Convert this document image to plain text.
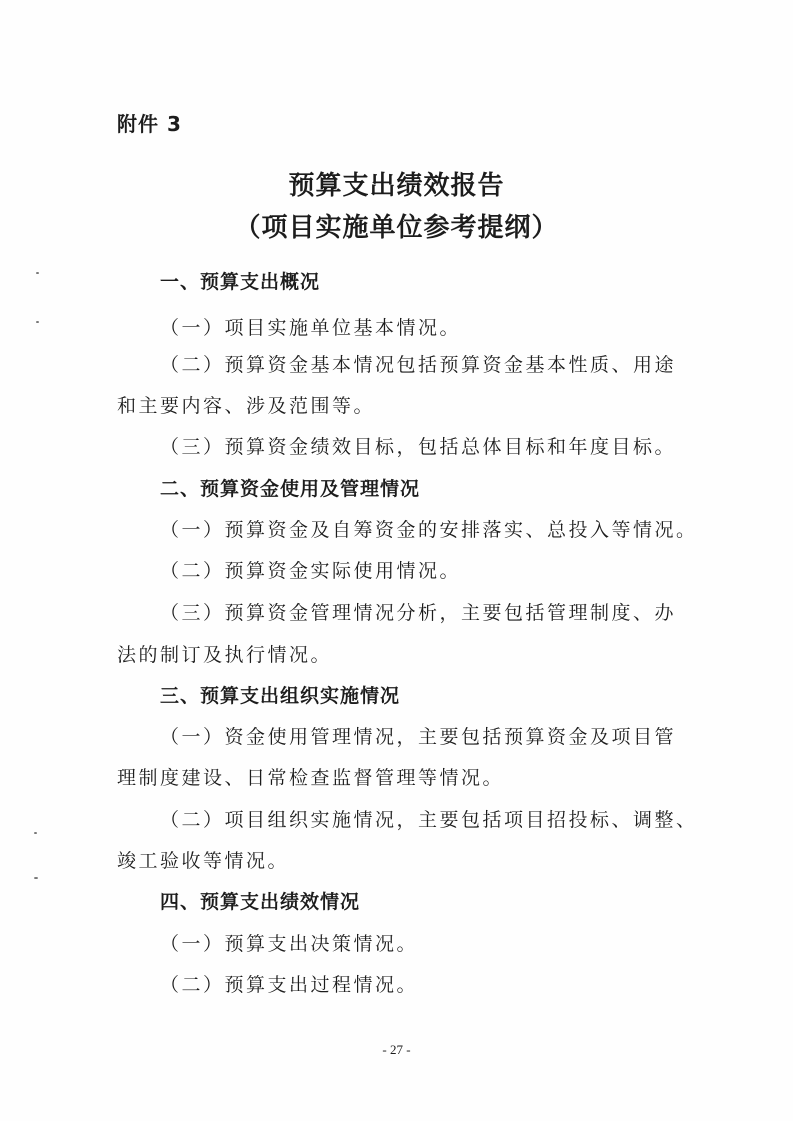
附件 3
预算支出绩效报告
（项目实施单位参考提纲）
一、预算支出概况
（一）项目实施单位基本情况。
（二）预算资金基本情况包括预算资金基本性质、用途
和主要内容、涉及范围等。
（三）预算资金绩效目标，包括总体目标和年度目标。
二、预算资金使用及管理情况
（一）预算资金及自筹资金的安排落实、总投入等情况。
（二）预算资金实际使用情况。
（三）预算资金管理情况分析，主要包括管理制度、办
法的制订及执行情况。
三、预算支出组织实施情况
（一）资金使用管理情况，主要包括预算资金及项目管
理制度建设、日常检查监督管理等情况。
（二）项目组织实施情况，主要包括项目招投标、调整、
竣工验收等情况。
四、预算支出绩效情况
（一）预算支出决策情况。
（二）预算支出过程情况。
- 27 -
